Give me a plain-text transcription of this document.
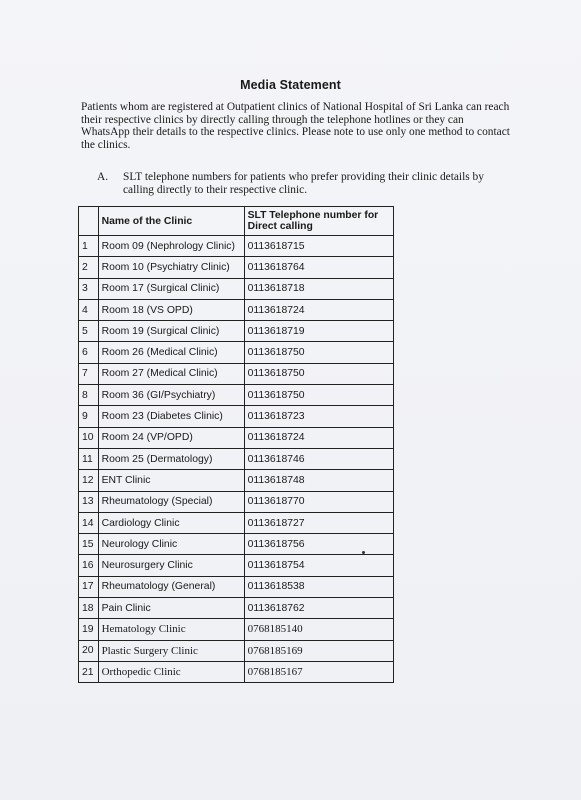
Media Statement
Patients whom are registered at Outpatient clinics of National Hospital of Sri Lanka can reach their respective clinics by directly calling through the telephone hotlines or they can WhatsApp their details to the respective clinics. Please note to use only one method to contact the clinics.
A.	SLT telephone numbers for patients who prefer providing their clinic details by calling directly to their respective clinic.
	Name of the Clinic	SLT Telephone number for Direct calling
1	Room 09 (Nephrology Clinic)	0113618715
2	Room 10 (Psychiatry Clinic)	0113618764
3	Room 17 (Surgical Clinic)	0113618718
4	Room 18 (VS OPD)	0113618724
5	Room 19 (Surgical Clinic)	0113618719
6	Room 26 (Medical Clinic)	0113618750
7	Room 27 (Medical Clinic)	0113618750
8	Room 36 (GI/Psychiatry)	0113618750
9	Room 23 (Diabetes Clinic)	0113618723
10	Room 24 (VP/OPD)	0113618724
11	Room 25 (Dermatology)	0113618746
12	ENT Clinic	0113618748
13	Rheumatology (Special)	0113618770
14	Cardiology Clinic	0113618727
15	Neurology Clinic	0113618756
16	Neurosurgery Clinic	0113618754
17	Rheumatology (General)	0113618538
18	Pain Clinic	0113618762
19	Hematology Clinic	0768185140
20	Plastic Surgery Clinic	0768185169
21	Orthopedic Clinic	0768185167
